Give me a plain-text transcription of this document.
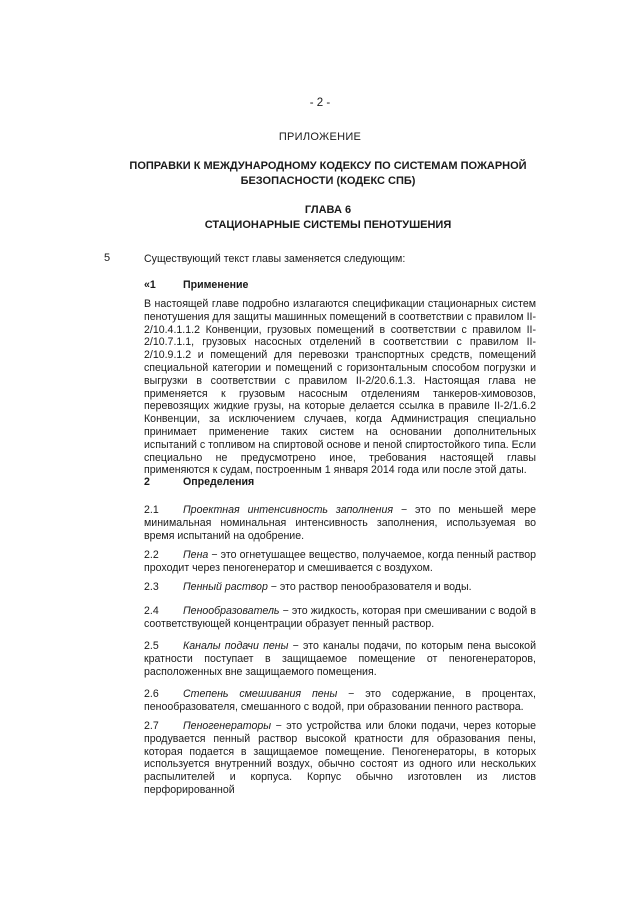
- 2 -
ПРИЛОЖЕНИЕ
ПОПРАВКИ К МЕЖДУНАРОДНОМУ КОДЕКСУ ПО СИСТЕМАМ ПОЖАРНОЙ
БЕЗОПАСНОСТИ (КОДЕКС СПБ)
ГЛАВА 6
СТАЦИОНАРНЫЕ СИСТЕМЫ ПЕНОТУШЕНИЯ
5	Существующий текст главы заменяется следующим:
«1	Применение
В настоящей главе подробно излагаются спецификации стационарных систем пенотушения для защиты машинных помещений в соответствии с правилом II-2/10.4.1.1.2 Конвенции, грузовых помещений в соответствии с правилом II-2/10.7.1.1, грузовых насосных отделений в соответствии с правилом II-2/10.9.1.2 и помещений для перевозки транспортных средств, помещений специальной категории и помещений с горизонтальным способом погрузки и выгрузки в соответствии с правилом II-2/20.6.1.3. Настоящая глава не применяется к грузовым насосным отделениям танкеров-химовозов, перевозящих жидкие грузы, на которые делается ссылка в правиле II-2/1.6.2 Конвенции, за исключением случаев, когда Администрация специально принимает применение таких систем на основании дополнительных испытаний с топливом на спиртовой основе и пеной спиртостойкого типа. Если специально не предусмотрено иное, требования настоящей главы применяются к судам, построенным 1 января 2014 года или после этой даты.
2	Определения
2.1 Проектная интенсивность заполнения − это по меньшей мере минимальная номинальная интенсивность заполнения, используемая во время испытаний на одобрение.
2.2 Пена − это огнетушащее вещество, получаемое, когда пенный раствор проходит через пеногенератор и смешивается с воздухом.
2.3 Пенный раствор − это раствор пенообразователя и воды.
2.4 Пенообразователь − это жидкость, которая при смешивании с водой в соответствующей концентрации образует пенный раствор.
2.5 Каналы подачи пены − это каналы подачи, по которым пена высокой кратности поступает в защищаемое помещение от пеногенераторов, расположенных вне защищаемого помещения.
2.6 Степень смешивания пены − это содержание, в процентах, пенообразователя, смешанного с водой, при образовании пенного раствора.
2.7 Пеногенераторы − это устройства или блоки подачи, через которые продувается пенный раствор высокой кратности для образования пены, которая подается в защищаемое помещение. Пеногенераторы, в которых используется внутренний воздух, обычно состоят из одного или нескольких распылителей и корпуса. Корпус обычно изготовлен из листов перфорированной
